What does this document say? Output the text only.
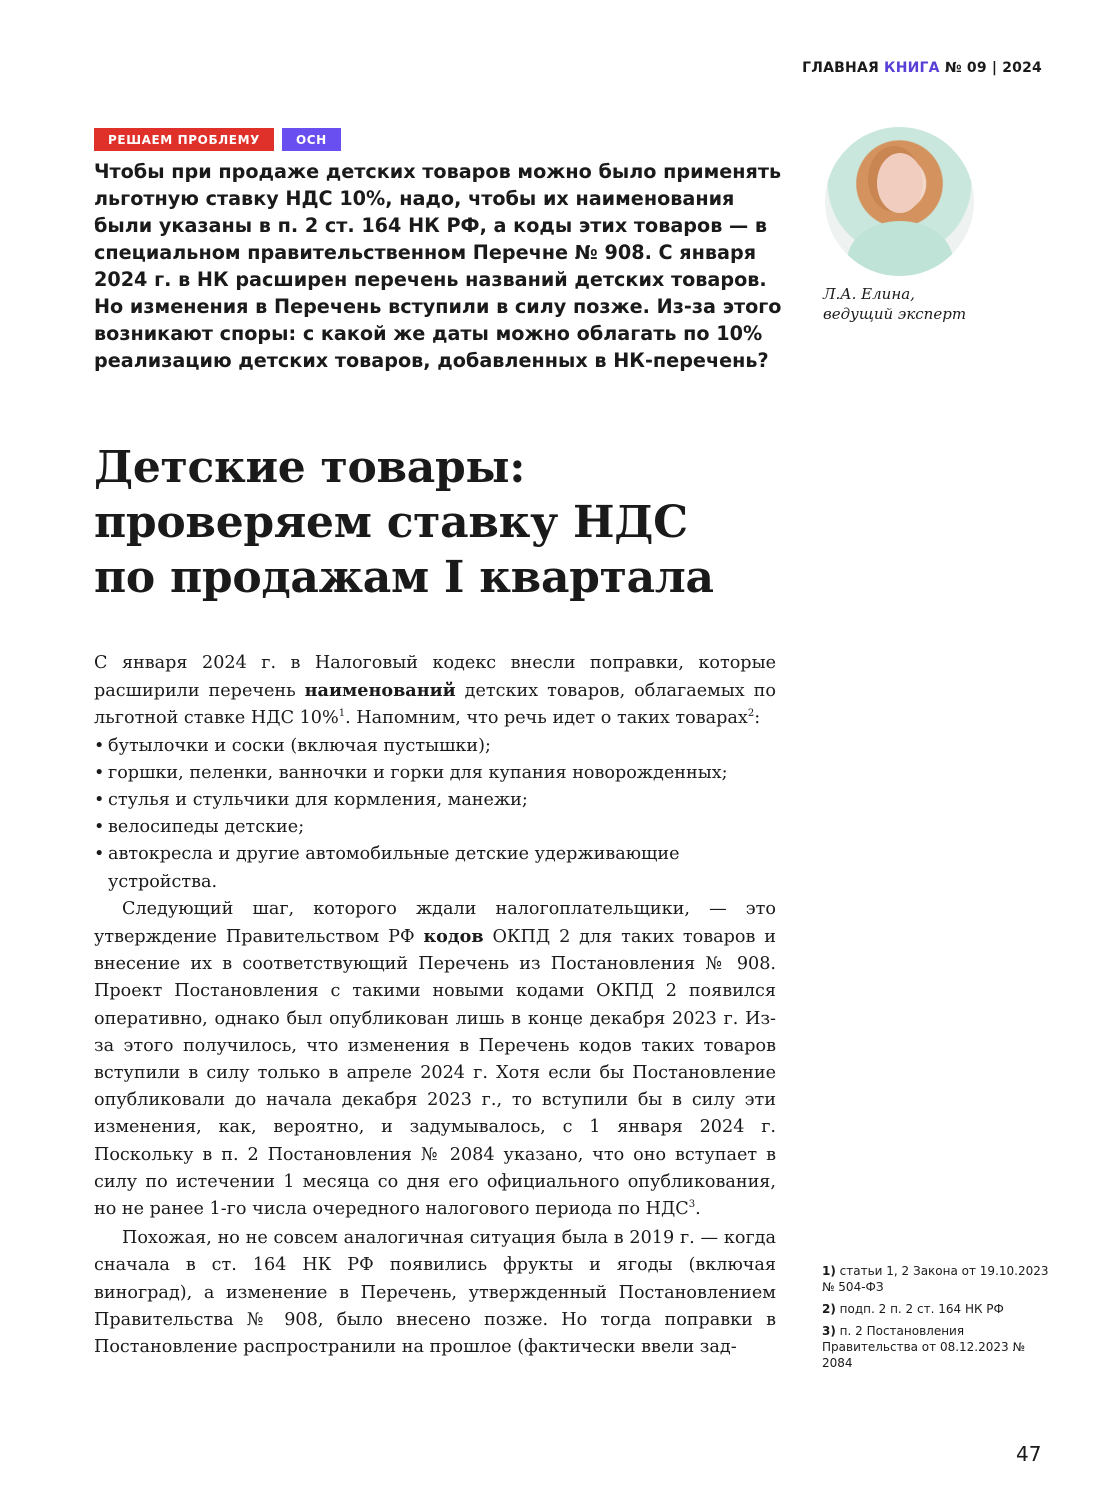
ГЛАВНАЯ КНИГА № 09 | 2024
РЕШАЕМ ПРОБЛЕМУ	ОСН

Чтобы при продаже детских товаров можно было применять льготную ставку НДС 10%, надо, чтобы их наименования были указаны в п. 2 ст. 164 НК РФ, а коды этих товаров — в специальном правительственном Перечне № 908. С января 2024 г. в НК расширен перечень названий детских товаров. Но изменения в Перечень вступили в силу позже. Из-за этого возникают споры: с какой же даты можно облагать по 10% реализацию детских товаров, добавленных в НК-перечень?

Л.А. Елина,
ведущий эксперт

Детские товары:
проверяем ставку НДС
по продажам I квартала

С января 2024 г. в Налоговый кодекс внесли поправки, которые расширили перечень наименований детских товаров, облагаемых по льготной ставке НДС 10%$^1$. Напомним, что речь идет о таких товарах$^2$:

• бутылочки и соски (включая пустышки);
• горшки, пеленки, ванночки и горки для купания новорожденных;
• стулья и стульчики для кормления, манежи;
• велосипеды детские;
• автокресла и другие автомобильные детские удерживающие устройства.

Следующий шаг, которого ждали налогоплательщики, — это утверждение Правительством РФ кодов ОКПД 2 для таких товаров и внесение их в соответствующий Перечень из Постановления № 908. Проект Постановления с такими новыми кодами ОКПД 2 появился оперативно, однако был опубликован лишь в конце декабря 2023 г. Из-за этого получилось, что изменения в Перечень кодов таких товаров вступили в силу только в апреле 2024 г. Хотя если бы Постановление опубликовали до начала декабря 2023 г., то вступили бы в силу эти изменения, как, вероятно, и задумывалось, с 1 января 2024 г. Поскольку в п. 2 Постановления № 2084 указано, что оно вступает в силу по истечении 1 месяца со дня его официального опубликования, но не ранее 1-го числа очередного налогового периода по НДС$^3$.

Похожая, но не совсем аналогичная ситуация была в 2019 г. — когда сначала в ст. 164 НК РФ появились фрукты и ягоды (включая виноград), а изменение в Перечень, утвержденный Постановлением Правительства № 908, было внесено позже. Но тогда поправки в Постановление распространили на прошлое (фактически ввели зад-

1) статьи 1, 2 Закона от 19.10.2023 № 504-ФЗ
2) подп. 2 п. 2 ст. 164 НК РФ
3) п. 2 Постановления Правительства от 08.12.2023 № 2084
47
